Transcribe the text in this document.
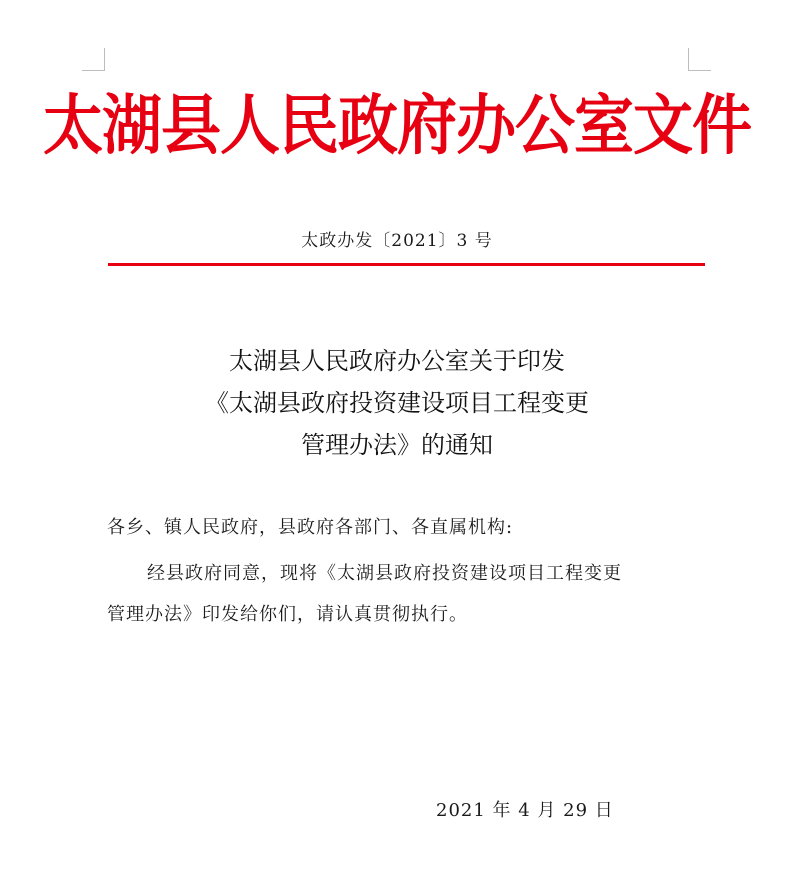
太湖县人民政府办公室文件
太政办发〔2021〕3 号
太湖县人民政府办公室关于印发
《太湖县政府投资建设项目工程变更
管理办法》的通知
各乡、镇人民政府，县政府各部门、各直属机构:
经县政府同意，现将《太湖县政府投资建设项目工程变更
管理办法》印发给你们，请认真贯彻执行。
2021 年 4 月 29 日
